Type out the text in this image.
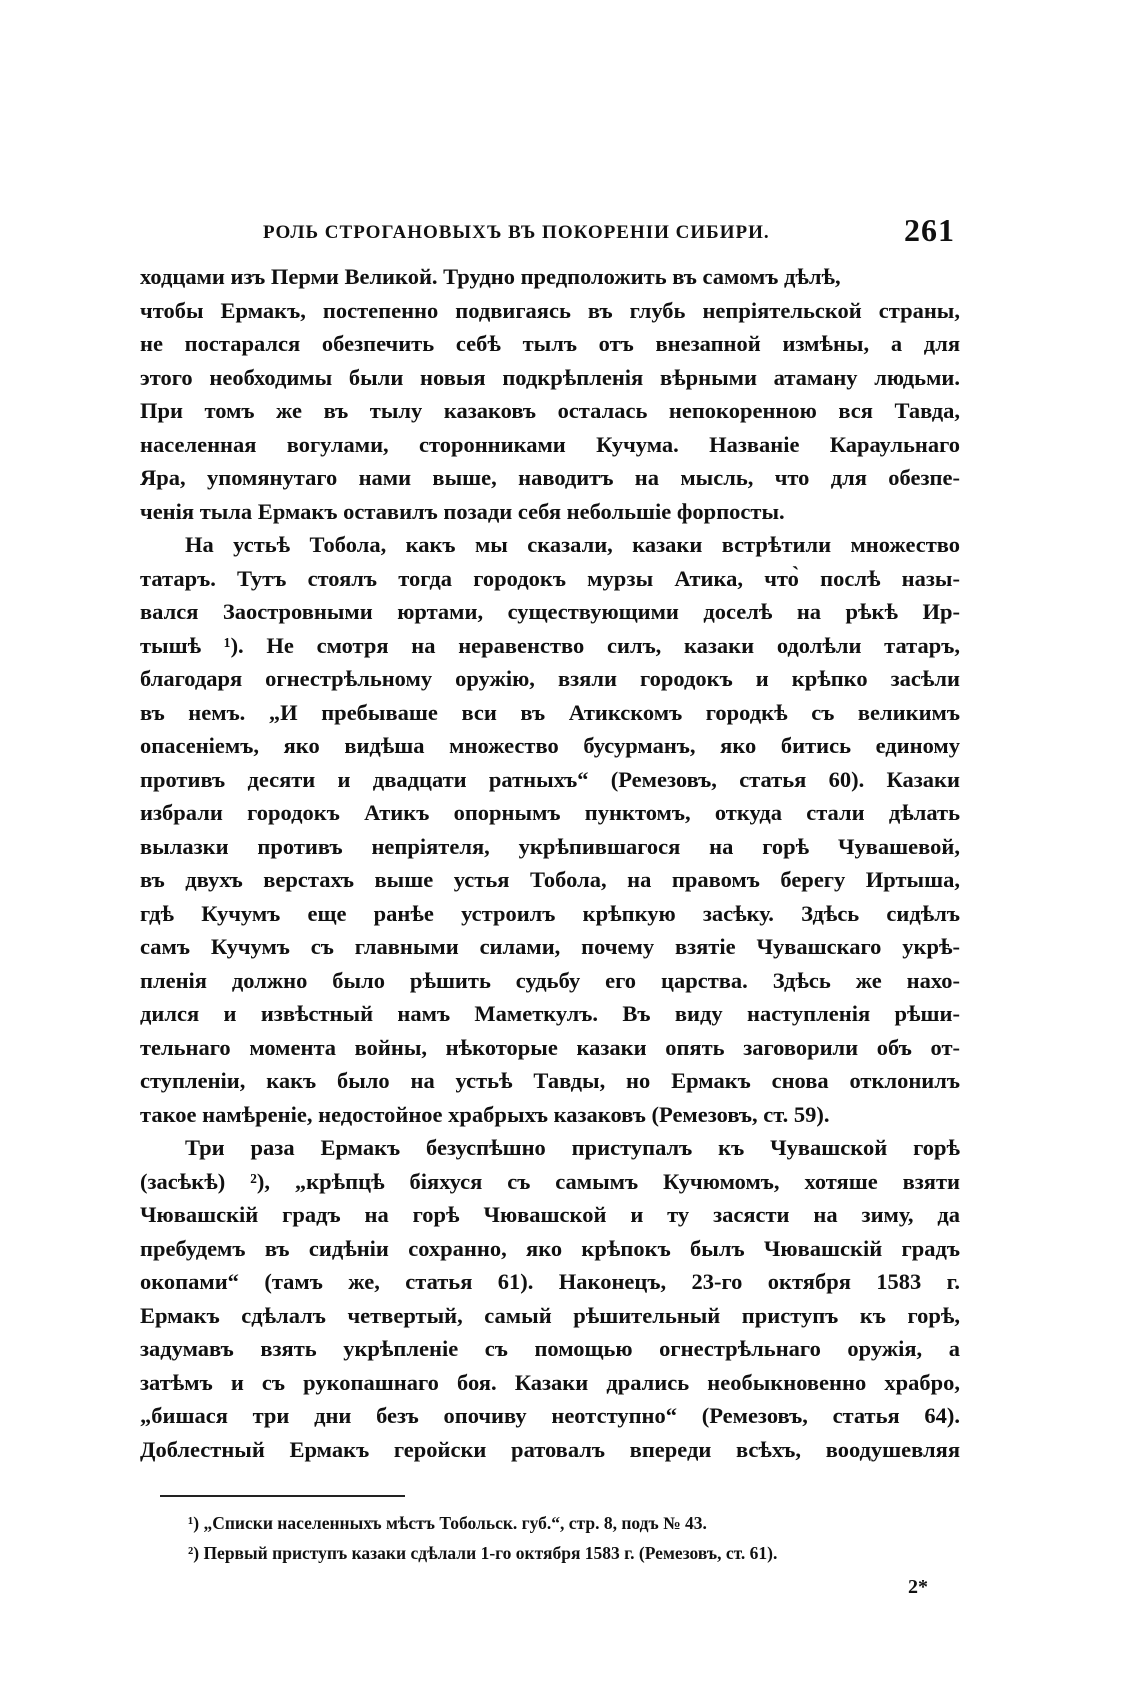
РОЛЬ СТРОГАНОВЫХЪ ВЪ ПОКОРЕНІИ СИБИРИ.	261
ходцами изъ Перми Великой. Трудно предположить въ самомъ дѣлѣ,
чтобы Ермакъ, постепенно подвигаясь въ глубь непріятельской страны,
не постарался обезпечить себѣ тылъ отъ внезапной измѣны, а для
этого необходимы были новыя подкрѣпленія вѣрными атаману людьми.
При томъ же въ тылу казаковъ осталась непокоренною вся Тавда,
населенная вогулами, сторонниками Кучума. Названіе Караульнаго
Яра, упомянутаго нами выше, наводитъ на мысль, что для обезпе-
ченія тыла Ермакъ оставилъ позади себя небольшіе форпосты.
На устьѣ Тобола, какъ мы сказали, казаки встрѣтили множество
татаръ. Тутъ стоялъ тогда городокъ мурзы Атика, что̀ послѣ назы-
вался Заостровными юртами, существующими доселѣ на рѣкѣ Ир-
тышѣ ¹). Не смотря на неравенство силъ, казаки одолѣли татаръ,
благодаря огнестрѣльному оружію, взяли городокъ и крѣпко засѣли
въ немъ. „И пребываше вси въ Атикскомъ городкѣ съ великимъ
опасеніемъ, яко видѣша множество бусурманъ, яко битись единому
противъ десяти и двадцати ратныхъ“ (Ремезовъ, статья 60). Казаки
избрали городокъ Атикъ опорнымъ пунктомъ, откуда стали дѣлать
вылазки противъ непріятеля, укрѣпившагося на горѣ Чувашевой,
въ двухъ верстахъ выше устья Тобола, на правомъ берегу Иртыша,
гдѣ Кучумъ еще ранѣе устроилъ крѣпкую засѣку. Здѣсь сидѣлъ
самъ Кучумъ съ главными силами, почему взятіе Чувашскаго укрѣ-
пленія должно было рѣшить судьбу его царства. Здѣсь же нахо-
дился и извѣстный намъ Маметкулъ. Въ виду наступленія рѣши-
тельнаго момента войны, нѣкоторые казаки опять заговорили объ от-
ступленіи, какъ было на устьѣ Тавды, но Ермакъ снова отклонилъ
такое намѣреніе, недостойное храбрыхъ казаковъ (Ремезовъ, ст. 59).
Три раза Ермакъ безуспѣшно приступалъ къ Чувашской горѣ
(засѣкѣ) ²), „крѣпцѣ біяхуся съ самымъ Кучюмомъ, хотяше взяти
Чювашскій градъ на горѣ Чювашской и ту засясти на зиму, да
пребудемъ въ сидѣніи сохранно, яко крѣпокъ былъ Чювашскій градъ
окопами“ (тамъ же, статья 61). Наконецъ, 23-го октября 1583 г.
Ермакъ сдѣлалъ четвертый, самый рѣшительный приступъ къ горѣ,
задумавъ взять укрѣпленіе съ помощью огнестрѣльнаго оружія, а
затѣмъ и съ рукопашнаго боя. Казаки дрались необыкновенно храбро,
„бишася три дни безъ опочиву неотступно“ (Ремезовъ, статья 64).
Доблестный Ермакъ геройски ратовалъ впереди всѣхъ, воодушевляя
¹) „Списки населенныхъ мѣстъ Тобольск. губ.“, стр. 8, подъ № 43.
²) Первый приступъ казаки сдѣлали 1-го октября 1583 г. (Ремезовъ, ст. 61).
2*
